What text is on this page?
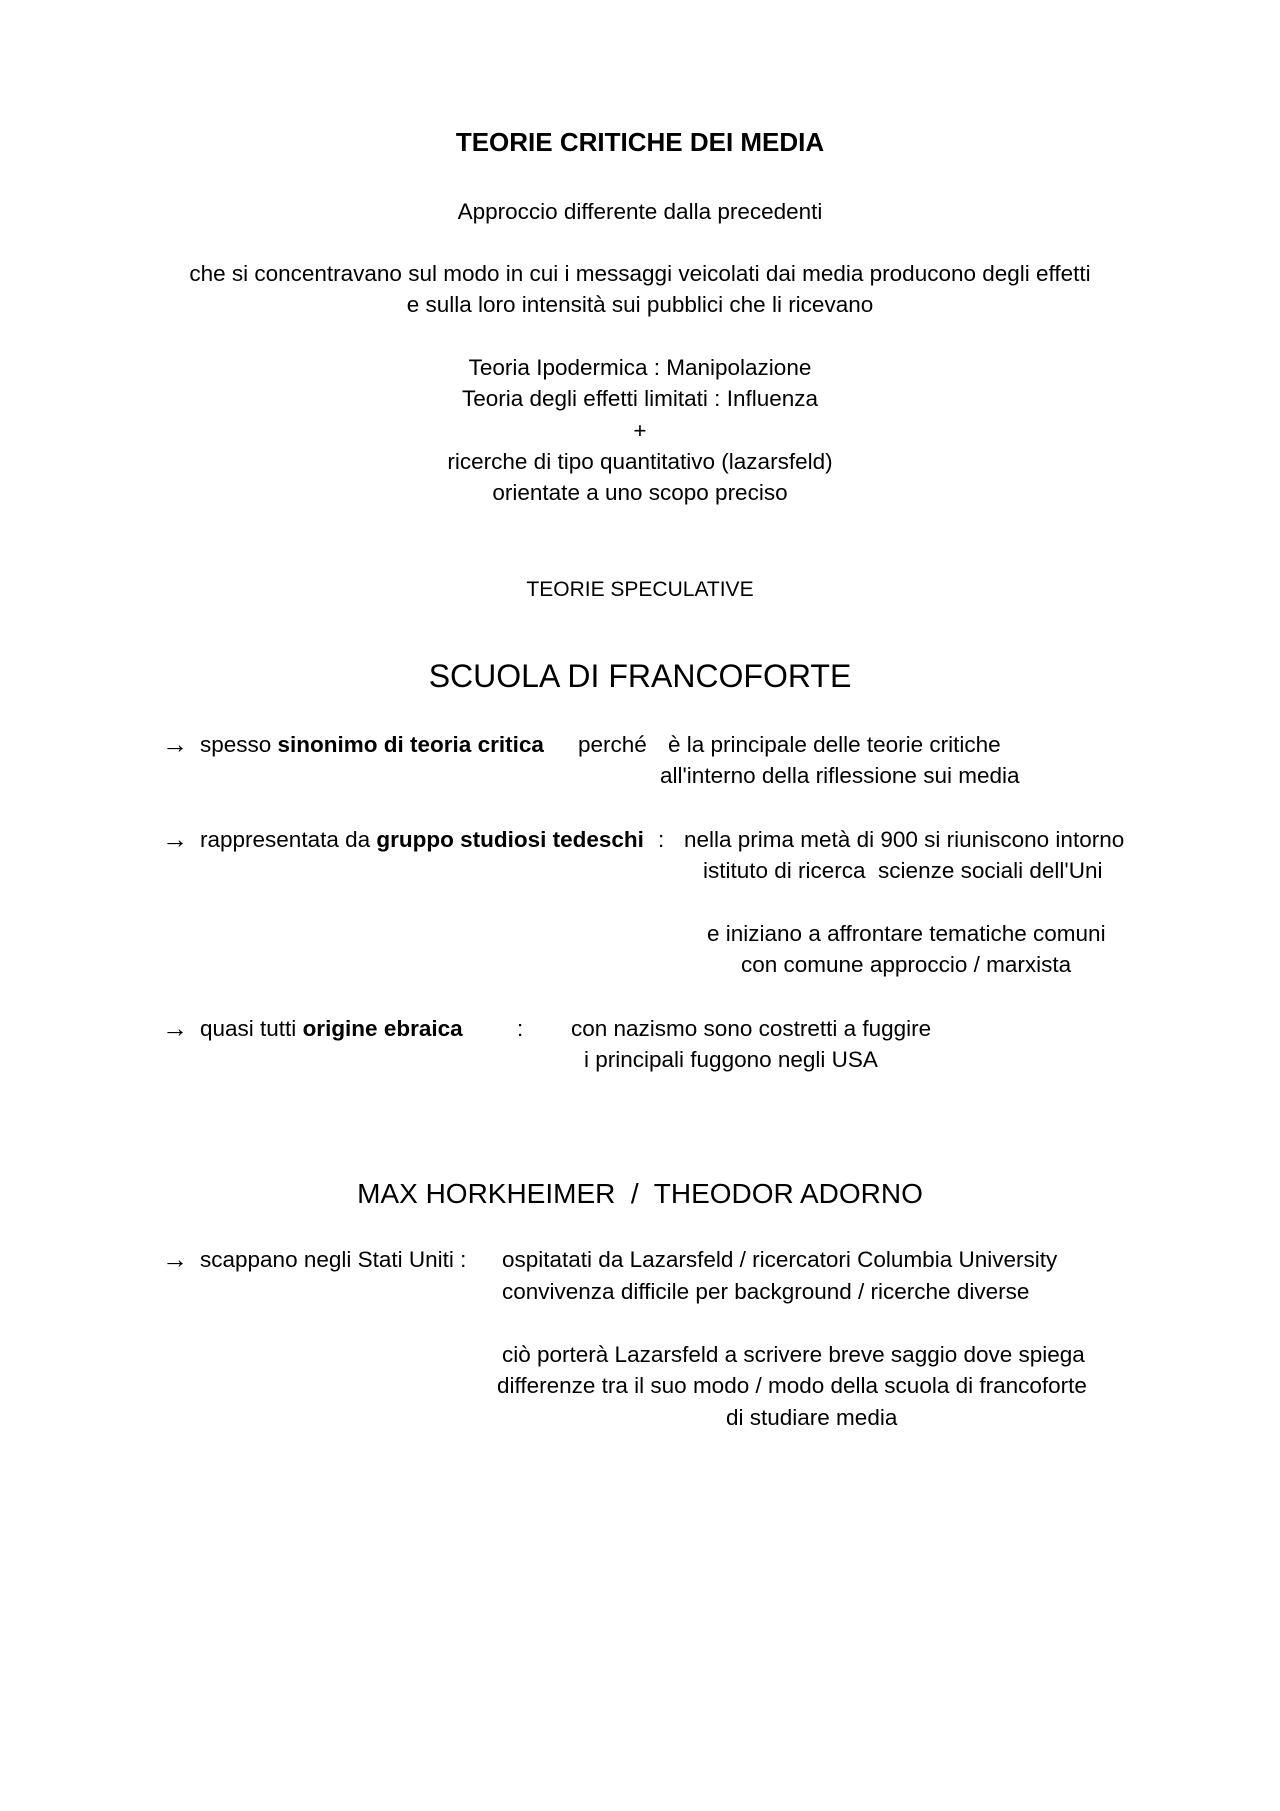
TEORIE CRITICHE DEI MEDIA
Approccio differente dalla precedenti
che si concentravano sul modo in cui i messaggi veicolati dai media producono degli effetti
e sulla loro intensità sui pubblici che li ricevano
Teoria Ipodermica : Manipolazione
Teoria degli effetti limitati : Influenza
+
ricerche di tipo quantitativo (lazarsfeld)
orientate a uno scopo preciso
TEORIE SPECULATIVE
SCUOLA DI FRANCOFORTE
→ spesso sinonimo di teoria critica perché è la principale delle teorie critiche
all'interno della riflessione sui media
→ rappresentata da gruppo studiosi tedeschi : nella prima metà di 900 si riuniscono intorno
istituto di ricerca  scienze sociali dell'Uni
e iniziano a affrontare tematiche comuni
con comune approccio / marxista
→ quasi tutti origine ebraica : con nazismo sono costretti a fuggire
i principali fuggono negli USA
MAX HORKHEIMER  /  THEODOR ADORNO
→ scappano negli Stati Uniti : ospitatati da Lazarsfeld / ricercatori Columbia University
convivenza difficile per background / ricerche diverse
ciò porterà Lazarsfeld a scrivere breve saggio dove spiega
differenze tra il suo modo / modo della scuola di francoforte
di studiare media
